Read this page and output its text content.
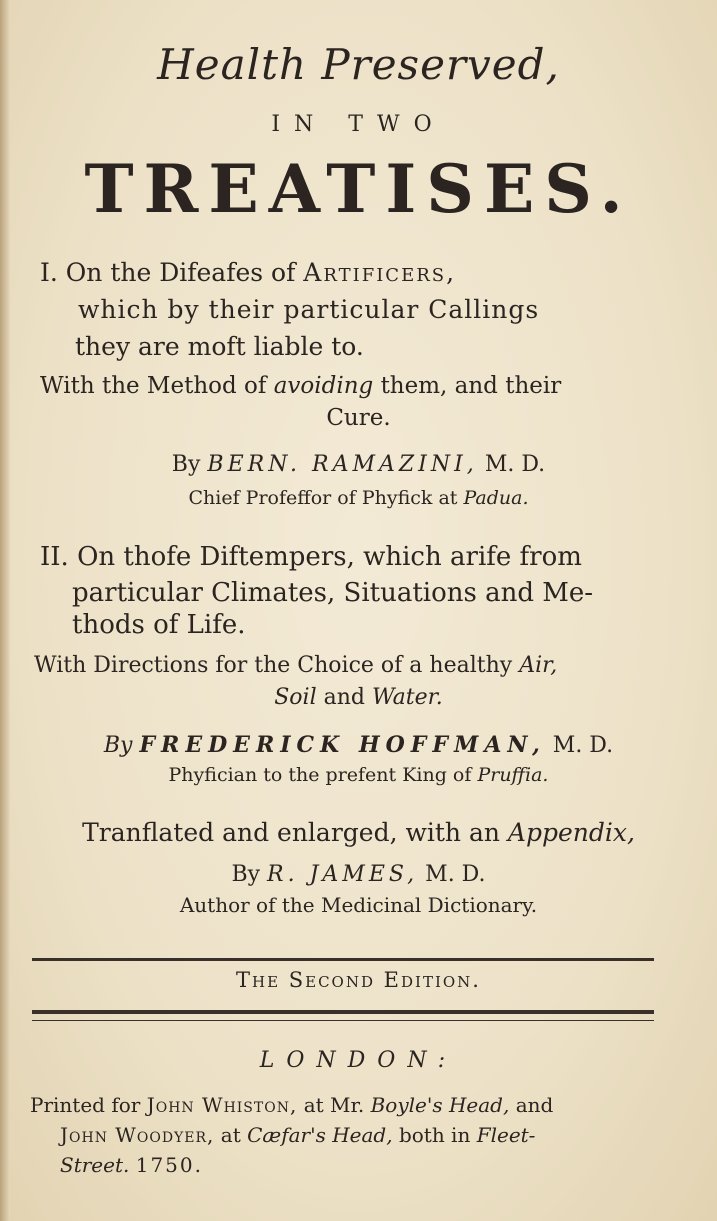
Health Preserved,
IN TWO
TREATISES.
I. On the Difeafes of Artificers,
which by their particular Callings
they are moft liable to.
With the Method of avoiding them, and their
Cure.
By BERN. RAMAZINI, M. D.
Chief Profeffor of Phyfick at Padua.
II. On thofe Diftempers, which arife from
particular Climates, Situations and Me-
thods of Life.
With Directions for the Choice of a healthy Air,
Soil and Water.
By FREDERICK HOFFMAN, M. D.
Phyfician to the prefent King of Pruffia.
Tranflated and enlarged, with an Appendix,
By R. JAMES, M. D.
Author of the Medicinal Dictionary.
The Second Edition.
LONDON:
Printed for John Whiston, at Mr. Boyle's Head, and
John Woodyer, at Cæfar's Head, both in Fleet-
Street. 1750.
